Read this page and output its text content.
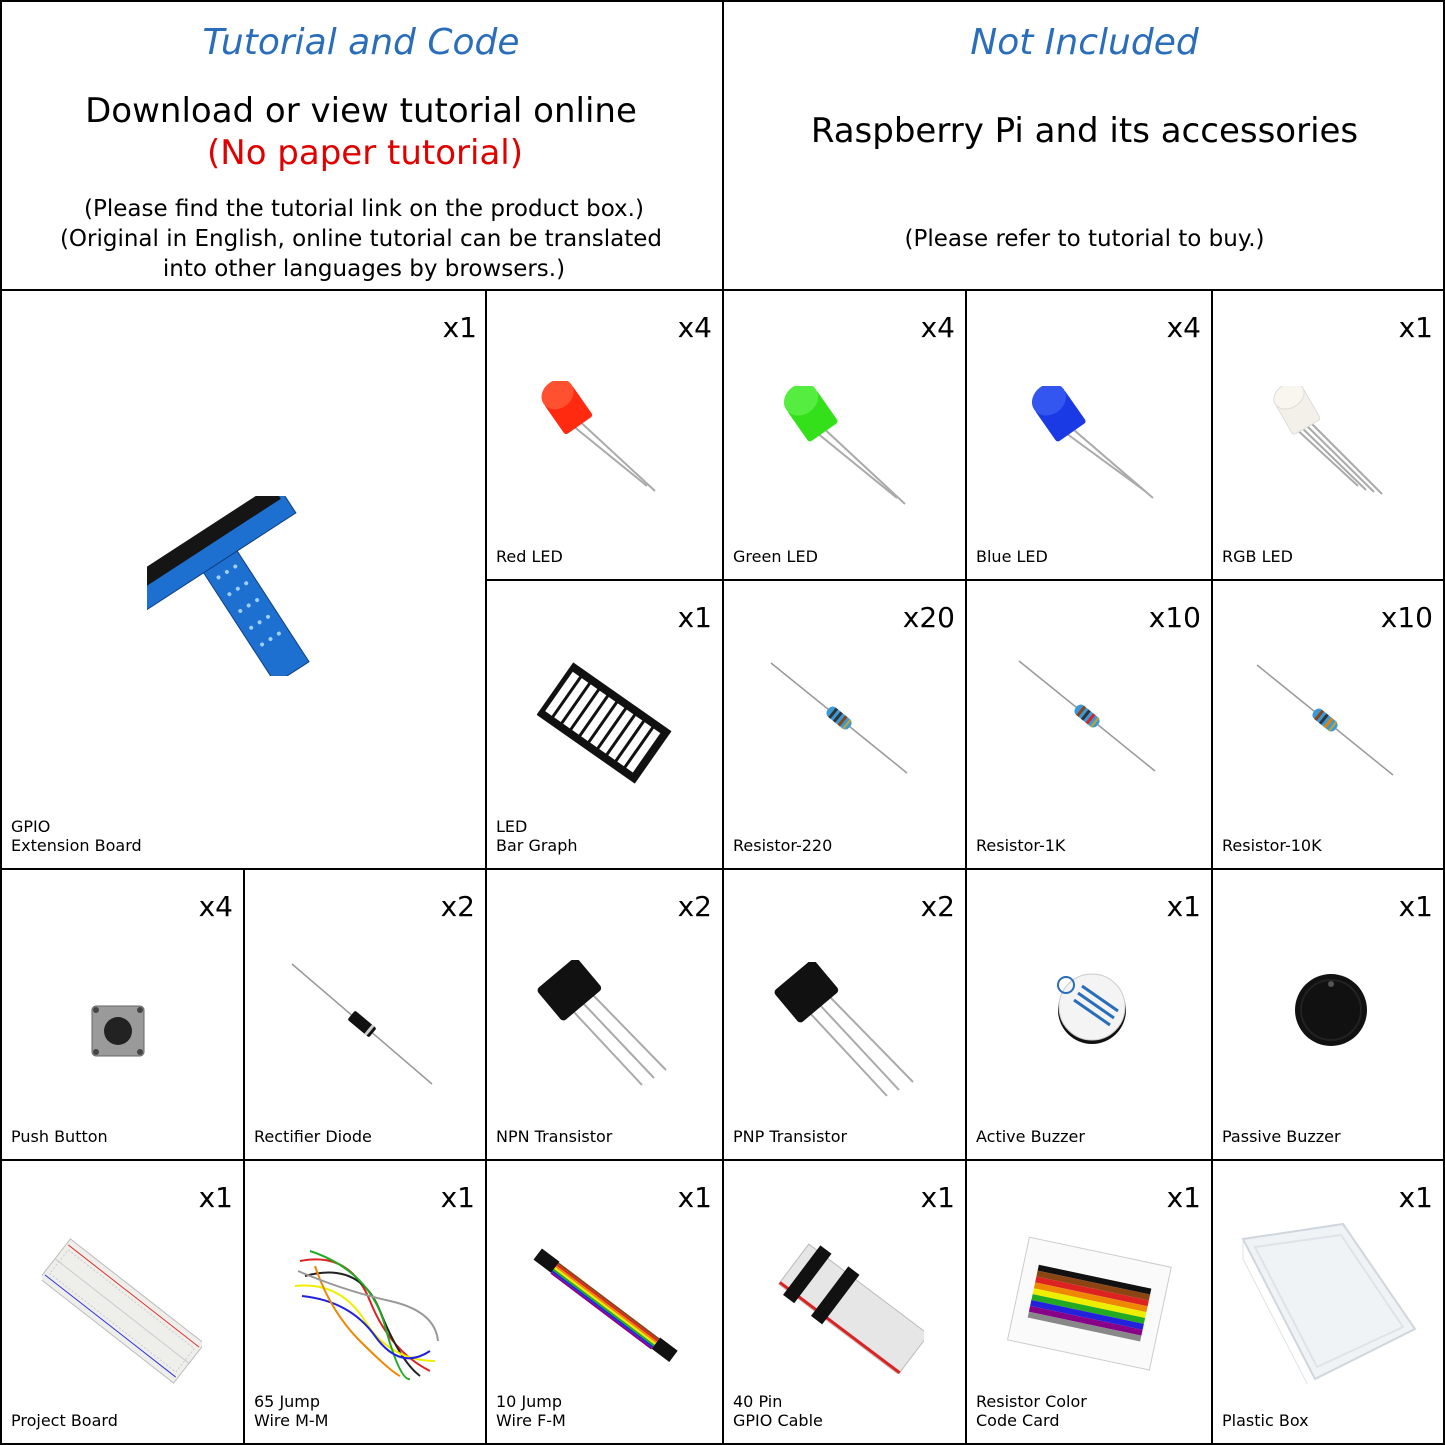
Tutorial and Code
Download or view tutorial online
(No paper tutorial)
(Please find the tutorial link on the product box.)
(Original in English, online tutorial can be translated
into other languages by browsers.)
Not Included
Raspberry Pi and its accessories
(Please refer to tutorial to buy.)
x1
GPIO
Extension Board
x4
Red LED
x4
Green LED
x4
Blue LED
x1
RGB LED
x1
LED
Bar Graph
x20
Resistor-220
x10
Resistor-1K
x10
Resistor-10K
x4
Push Button
x2
Rectifier Diode
x2
NPN Transistor
x2
PNP Transistor
x1
Active Buzzer
x1
Passive Buzzer
x1
Project Board
x1
65 Jump
Wire M-M
x1
10 Jump
Wire F-M
x1
40 Pin
GPIO Cable
x1
Resistor Color
Code Card
x1
Plastic Box
